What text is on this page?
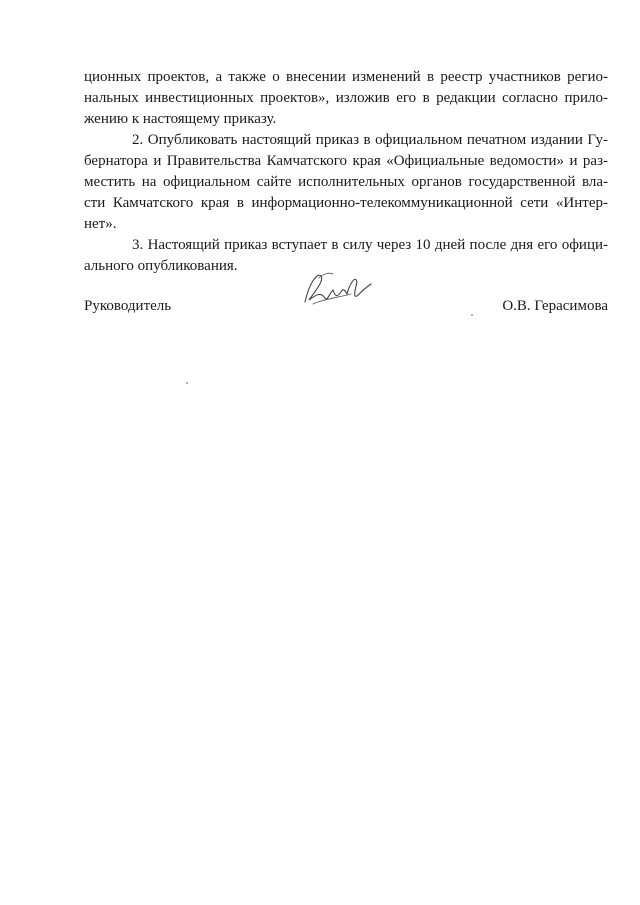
ционных проектов, а также о внесении изменений в реестр участников регио-нальных инвестиционных проектов», изложив его в редакции согласно прило-жению к настоящему приказу.

2. Опубликовать настоящий приказ в официальном печатном издании Гу-бернатора и Правительства Камчатского края «Официальные ведомости» и раз-местить на официальном сайте исполнительных органов государственной вла-сти Камчатского края в информационно-телекоммуникационной сети «Интер-нет».

3. Настоящий приказ вступает в силу через 10 дней после дня его офици-ального опубликования.

Руководитель	О.В. Герасимова
